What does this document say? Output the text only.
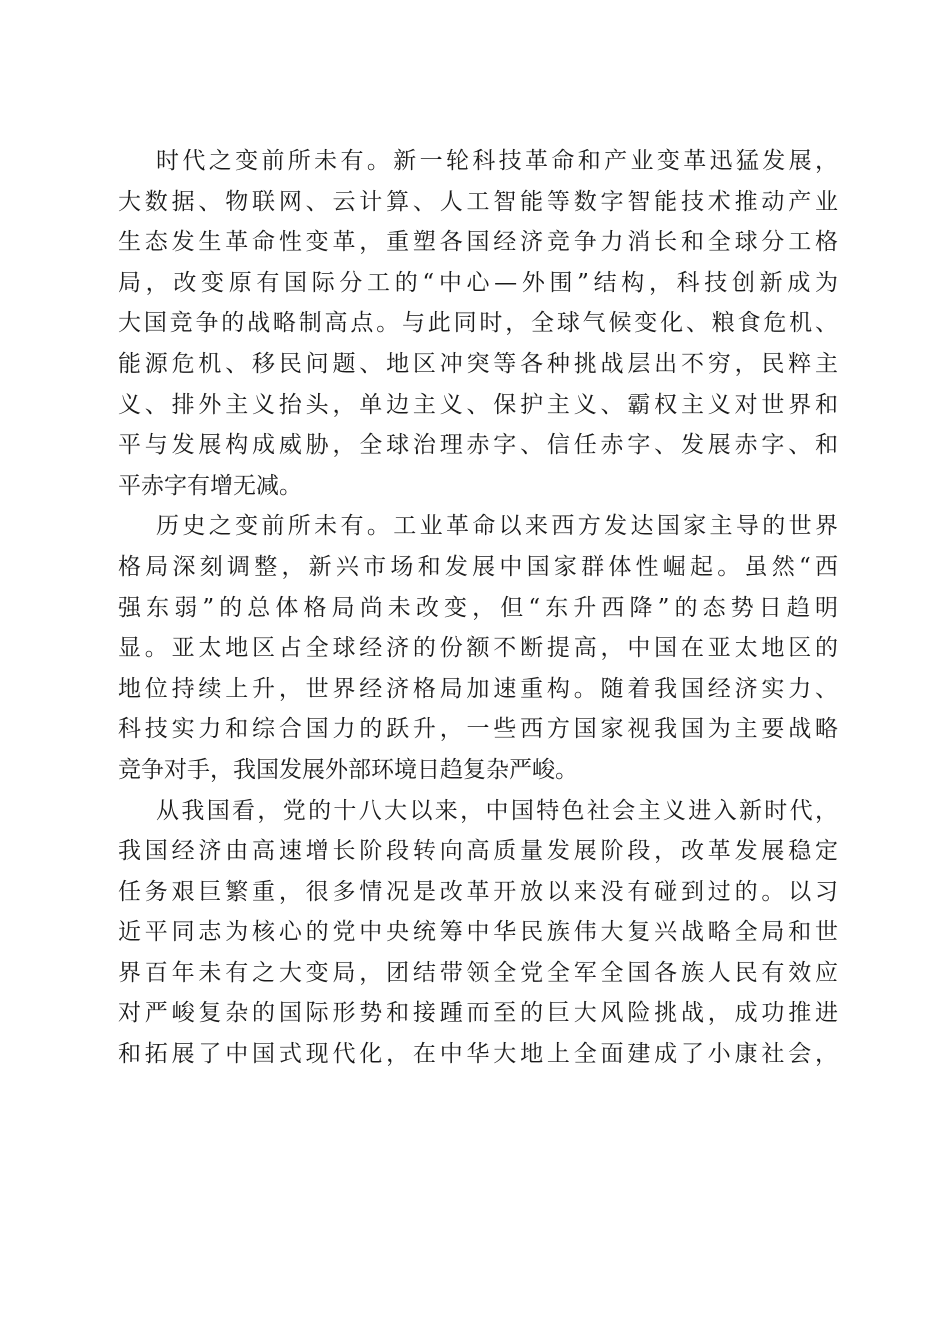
时代之变前所未有。新一轮科技革命和产业变革迅猛发展，
大数据、物联网、云计算、人工智能等数字智能技术推动产业
生态发生革命性变革，重塑各国经济竞争力消长和全球分工格
局，改变原有国际分工的“中心—外围”结构，科技创新成为
大国竞争的战略制高点。与此同时，全球气候变化、粮食危机、
能源危机、移民问题、地区冲突等各种挑战层出不穷，民粹主
义、排外主义抬头，单边主义、保护主义、霸权主义对世界和
平与发展构成威胁，全球治理赤字、信任赤字、发展赤字、和
平赤字有增无减。
历史之变前所未有。工业革命以来西方发达国家主导的世界
格局深刻调整，新兴市场和发展中国家群体性崛起。虽然“西
强东弱”的总体格局尚未改变，但“东升西降”的态势日趋明
显。亚太地区占全球经济的份额不断提高，中国在亚太地区的
地位持续上升，世界经济格局加速重构。随着我国经济实力、
科技实力和综合国力的跃升，一些西方国家视我国为主要战略
竞争对手，我国发展外部环境日趋复杂严峻。
从我国看，党的十八大以来，中国特色社会主义进入新时代，
我国经济由高速增长阶段转向高质量发展阶段，改革发展稳定
任务艰巨繁重，很多情况是改革开放以来没有碰到过的。以习
近平同志为核心的党中央统筹中华民族伟大复兴战略全局和世
界百年未有之大变局，团结带领全党全军全国各族人民有效应
对严峻复杂的国际形势和接踵而至的巨大风险挑战，成功推进
和拓展了中国式现代化，在中华大地上全面建成了小康社会，
